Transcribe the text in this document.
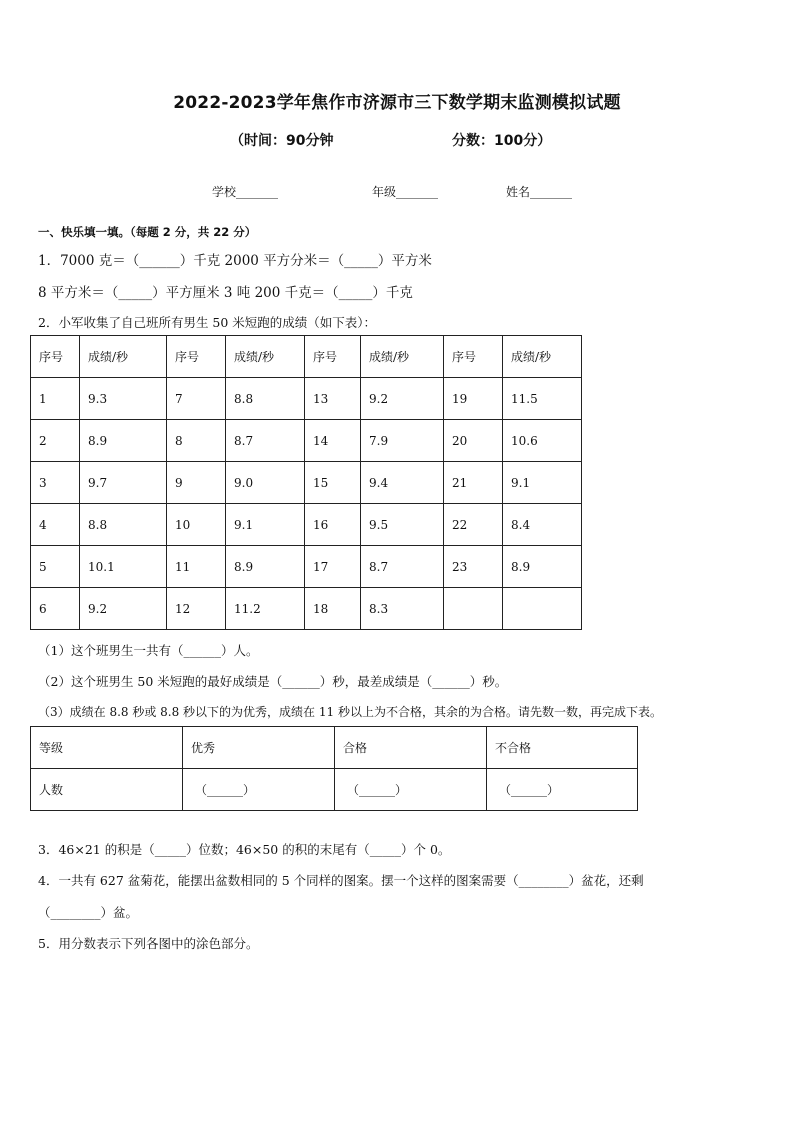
2022-2023学年焦作市济源市三下数学期末监测模拟试题
（时间：90分钟	分数：100分）
学校_______	年级_______	姓名_______
一、快乐填一填。（每题 2 分，共 22 分）
1．7000 克＝（______）千克 2000 平方分米＝（_____）平方米
8 平方米＝（_____）平方厘米 3 吨 200 千克＝（_____）千克
2．小军收集了自己班所有男生 50 米短跑的成绩（如下表）：
序号	成绩/秒	序号	成绩/秒	序号	成绩/秒	序号	成绩/秒
1	9.3	7	8.8	13	9.2	19	11.5
2	8.9	8	8.7	14	7.9	20	10.6
3	9.7	9	9.0	15	9.4	21	9.1
4	8.8	10	9.1	16	9.5	22	8.4
5	10.1	11	8.9	17	8.7	23	8.9
6	9.2	12	11.2	18	8.3		
（1）这个班男生一共有（______）人。
（2）这个班男生 50 米短跑的最好成绩是（______）秒，最差成绩是（______）秒。
（3）成绩在 8.8 秒或 8.8 秒以下的为优秀，成绩在 11 秒以上为不合格，其余的为合格。请先数一数，再完成下表。
等级	优秀	合格	不合格
人数	（______）	（______）	（______）
3．46×21 的积是（_____）位数；46×50 的积的末尾有（_____）个 0。
4．一共有 627 盆菊花，能摆出盆数相同的 5 个同样的图案。摆一个这样的图案需要（________）盆花，还剩
（________）盆。
5．用分数表示下列各图中的涂色部分。
